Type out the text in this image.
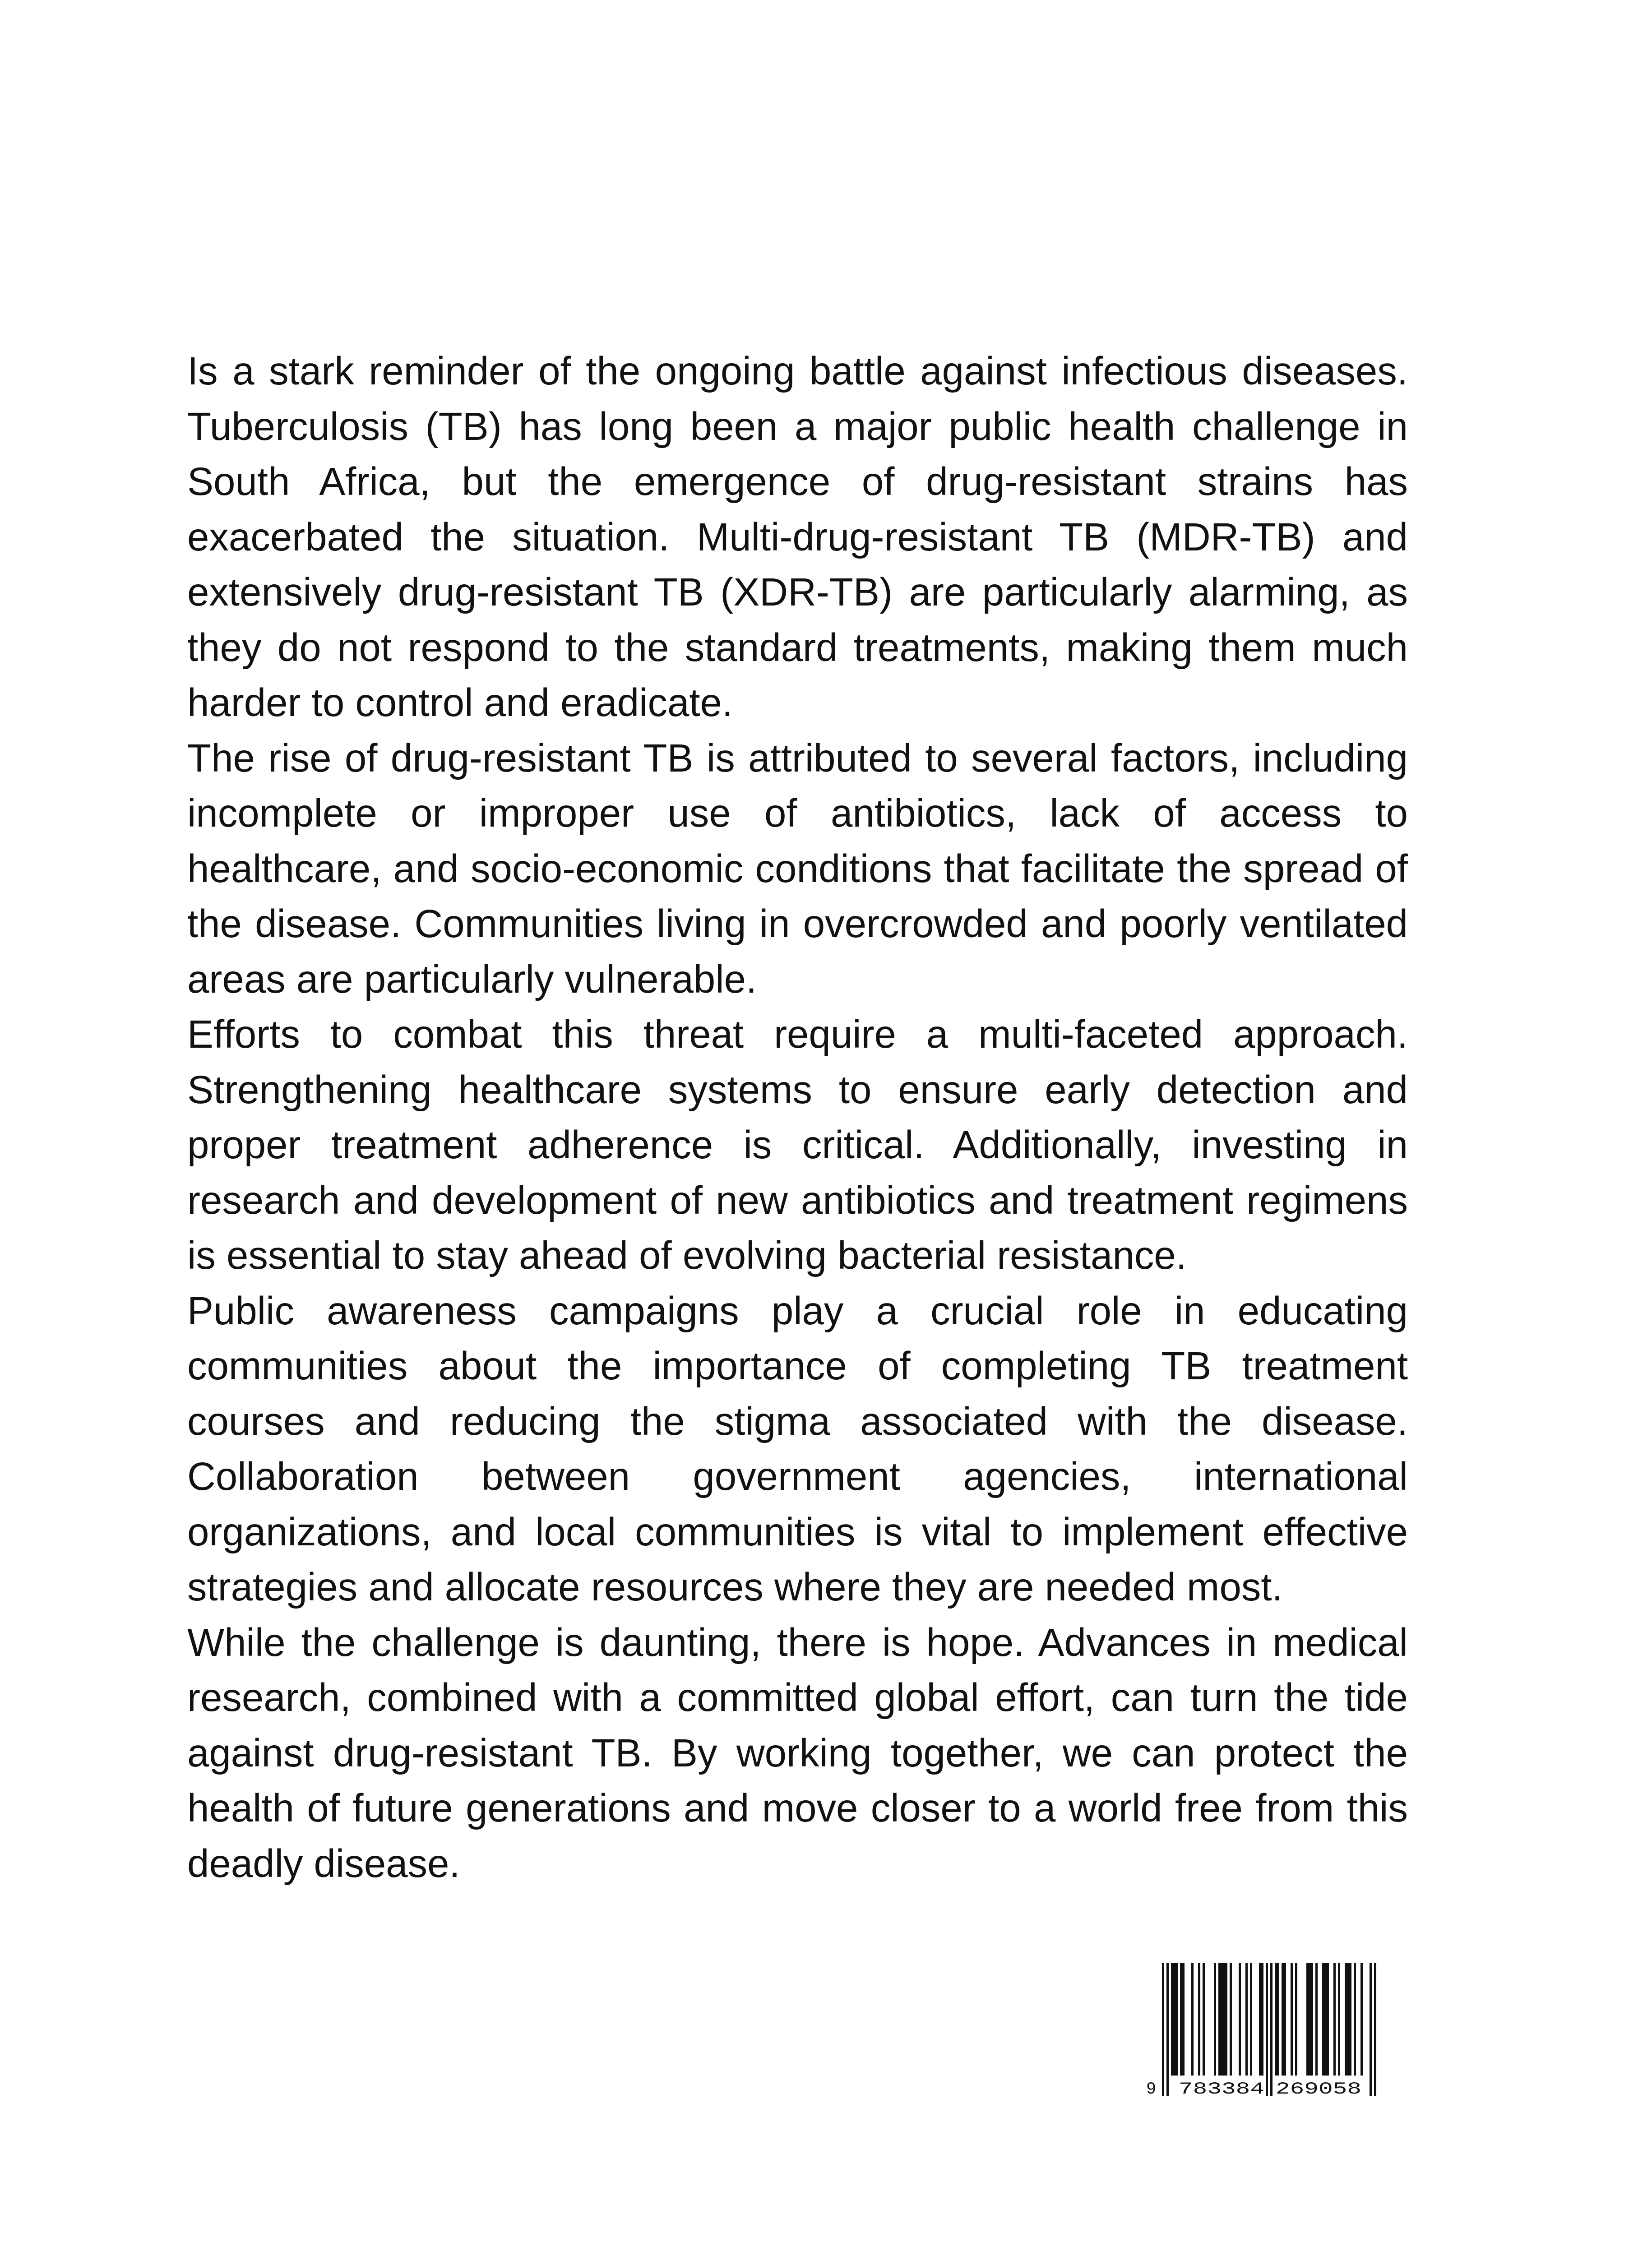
Is a stark reminder of the ongoing battle against infectious diseases. Tuberculosis (TB) has long been a major public health challenge in South Africa, but the emergence of drug-resistant strains has exacerbated the situation. Multi-drug-resistant TB (MDR-TB) and extensively drug-resistant TB (XDR-TB) are particularly alarming, as they do not respond to the standard treatments, making them much harder to control and eradicate.

The rise of drug-resistant TB is attributed to several factors, including incomplete or improper use of antibiotics, lack of access to healthcare, and socio-economic conditions that facilitate the spread of the disease. Communities living in overcrowded and poorly ventilated areas are particularly vulnerable.

Efforts to combat this threat require a multi-faceted approach. Strengthening healthcare systems to ensure early detection and proper treatment adherence is critical. Additionally, investing in research and development of new antibiotics and treatment regimens is essential to stay ahead of evolving bacterial resistance.

Public awareness campaigns play a crucial role in educating communities about the importance of completing TB treatment courses and reducing the stigma associated with the disease. Collaboration between government agencies, international organizations, and local communities is vital to implement effective strategies and allocate resources where they are needed most.

While the challenge is daunting, there is hope. Advances in medical research, combined with a committed global effort, can turn the tide against drug-resistant TB. By working together, we can protect the health of future generations and move closer to a world free from this deadly disease.

9 783384 269058
